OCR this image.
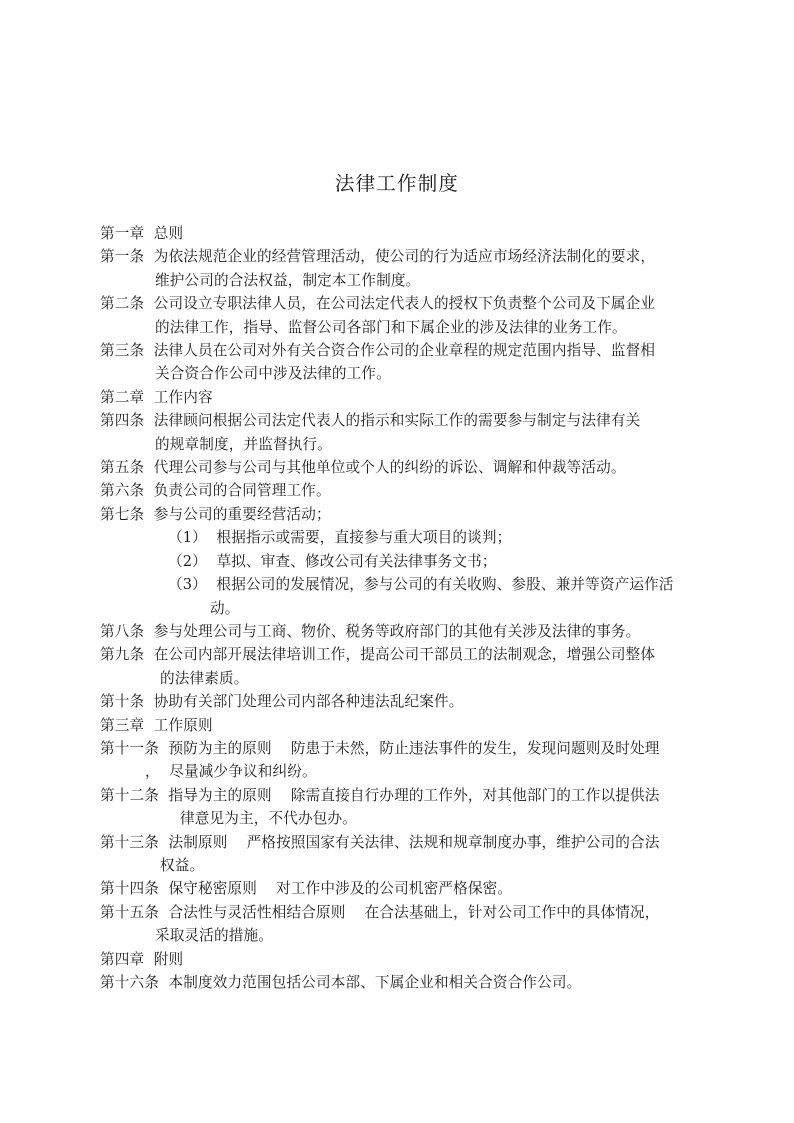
法律工作制度
第一章  总则
第一条  为依法规范企业的经营管理活动，使公司的行为适应市场经济法制化的要求，
维护公司的合法权益，制定本工作制度。
第二条  公司设立专职法律人员，在公司法定代表人的授权下负责整个公司及下属企业
的法律工作，指导、监督公司各部门和下属企业的涉及法律的业务工作。
第三条  法律人员在公司对外有关合资合作公司的企业章程的规定范围内指导、监督相
关合资合作公司中涉及法律的工作。
第二章  工作内容
第四条  法律顾问根据公司法定代表人的指示和实际工作的需要参与制定与法律有关
的规章制度，并监督执行。
第五条  代理公司参与公司与其他单位或个人的纠纷的诉讼、调解和仲裁等活动。
第六条  负责公司的合同管理工作。
第七条  参与公司的重要经营活动；
（1）  根据指示或需要，直接参与重大项目的谈判；
（2）  草拟、审查、修改公司有关法律事务文书；
（3）  根据公司的发展情况，参与公司的有关收购、参股、兼并等资产运作活
动。
第八条  参与处理公司与工商、物价、税务等政府部门的其他有关涉及法律的事务。
第九条  在公司内部开展法律培训工作，提高公司干部员工的法制观念，增强公司整体
的法律素质。
第十条  协助有关部门处理公司内部各种违法乱纪案件。
第三章  工作原则
第十一条  预防为主的原则    防患于未然，防止违法事件的发生，发现问题则及时处理
，  尽量减少争议和纠纷。
第十二条  指导为主的原则    除需直接自行办理的工作外，对其他部门的工作以提供法
律意见为主，不代办包办。
第十三条  法制原则    严格按照国家有关法律、法规和规章制度办事，维护公司的合法
权益。
第十四条  保守秘密原则    对工作中涉及的公司机密严格保密。
第十五条  合法性与灵活性相结合原则    在合法基础上，针对公司工作中的具体情况，
采取灵活的措施。
第四章  附则
第十六条  本制度效力范围包括公司本部、下属企业和相关合资合作公司。
